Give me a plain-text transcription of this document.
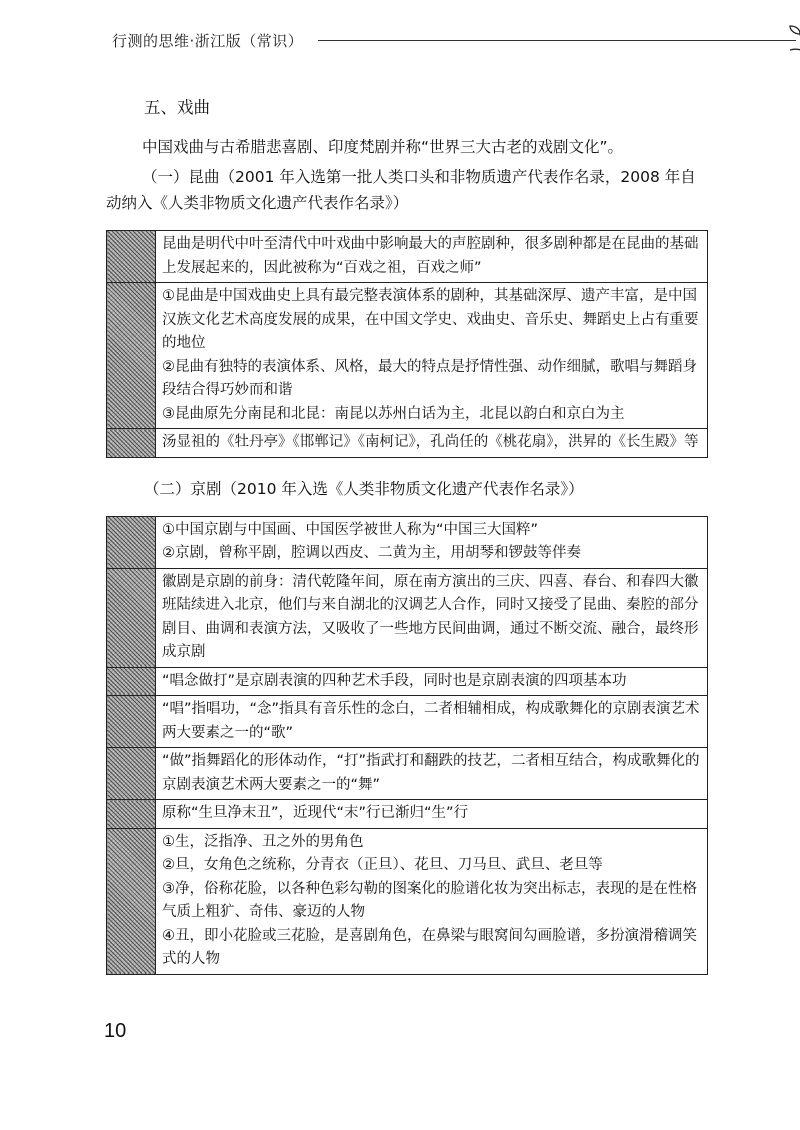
行测的思维·浙江版（常识）
五、戏曲

中国戏曲与古希腊悲喜剧、印度梵剧并称“世界三大古老的戏剧文化”。

（一）昆曲（2001 年入选第一批人类口头和非物质遗产代表作名录，2008 年自动纳入《人类非物质文化遗产代表作名录》）

	昆曲是明代中叶至清代中叶戏曲中影响最大的声腔剧种，很多剧种都是在昆曲的基础上发展起来的，因此被称为“百戏之祖，百戏之师”

	①昆曲是中国戏曲史上具有最完整表演体系的剧种，其基础深厚、遗产丰富，是中国汉族文化艺术高度发展的成果，在中国文学史、戏曲史、音乐史、舞蹈史上占有重要的地位
②昆曲有独特的表演体系、风格，最大的特点是抒情性强、动作细腻，歌唱与舞蹈身段结合得巧妙而和谐
③昆曲原先分南昆和北昆：南昆以苏州白话为主，北昆以韵白和京白为主

	汤显祖的《牡丹亭》《邯郸记》《南柯记》，孔尚任的《桃花扇》，洪昇的《长生殿》等
（二）京剧（2010 年入选《人类非物质文化遗产代表作名录》）

	①中国京剧与中国画、中国医学被世人称为“中国三大国粹”
②京剧，曾称平剧，腔调以西皮、二黄为主，用胡琴和锣鼓等伴奏

	徽剧是京剧的前身：清代乾隆年间，原在南方演出的三庆、四喜、春台、和春四大徽班陆续进入北京，他们与来自湖北的汉调艺人合作，同时又接受了昆曲、秦腔的部分剧目、曲调和表演方法，又吸收了一些地方民间曲调，通过不断交流、融合，最终形成京剧

	“唱念做打”是京剧表演的四种艺术手段，同时也是京剧表演的四项基本功

	“唱”指唱功，“念”指具有音乐性的念白，二者相辅相成，构成歌舞化的京剧表演艺术两大要素之一的“歌”

	“做”指舞蹈化的形体动作，“打”指武打和翻跌的技艺，二者相互结合，构成歌舞化的京剧表演艺术两大要素之一的“舞”

	原称“生旦净末丑”，近现代“末”行已渐归“生”行

	①生，泛指净、丑之外的男角色
②旦，女角色之统称，分青衣（正旦）、花旦、刀马旦、武旦、老旦等
③净，俗称花脸，以各种色彩勾勒的图案化的脸谱化妆为突出标志，表现的是在性格气质上粗犷、奇伟、豪迈的人物
④丑，即小花脸或三花脸，是喜剧角色，在鼻梁与眼窝间勾画脸谱，多扮演滑稽调笑式的人物
10
